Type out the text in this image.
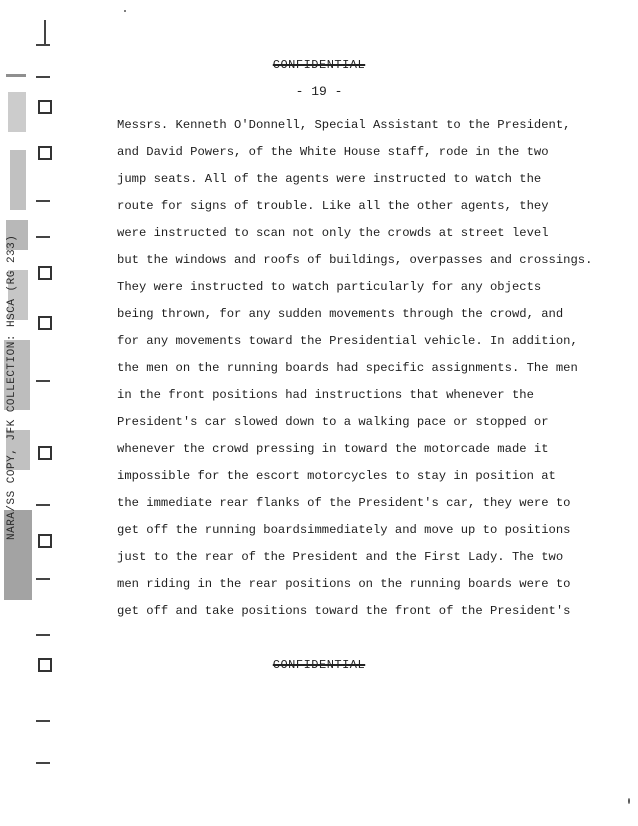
NARA/SS COPY, JFK COLLECTION: HSCA (RG 233)
CONFIDENTIAL
- 19 -
Messrs. Kenneth O'Donnell, Special Assistant to the President,
and David Powers, of the White House staff, rode in the two
jump seats. All of the agents were instructed to watch the
route for signs of trouble. Like all the other agents, they
were instructed to scan not only the crowds at street level
but the windows and roofs of buildings, overpasses and crossings.
They were instructed to watch particularly for any objects
being thrown, for any sudden movements through the crowd, and
for any movements toward the Presidential vehicle. In addition,
the men on the running boards had specific assignments. The men
in the front positions had instructions that whenever the
President's car slowed down to a walking pace or stopped or
whenever the crowd pressing in toward the motorcade made it
impossible for the escort motorcycles to stay in position at
the immediate rear flanks of the President's car, they were to
get off the running boardsimmediately and move up to positions
just to the rear of the President and the First Lady. The two
men riding in the rear positions on the running boards were to
get off and take positions toward the front of the President's
CONFIDENTIAL
